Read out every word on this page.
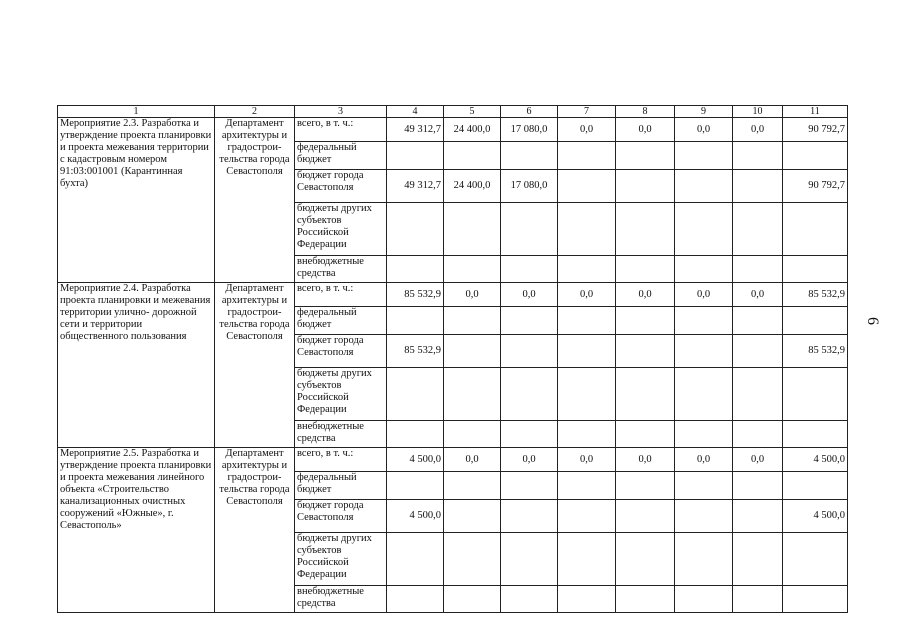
1	2	3	4	5	6	7	8	9	10	11
Мероприятие 2.3. Разработка и утверждение проекта планировки и проекта межевания территории с кадастровым номером 91:03:001001 (Карантинная бухта)	Департамент архитектуры и градострои- тельства города Севастополя	всего, в т. ч.:	49 312,7	24 400,0	17 080,0	0,0	0,0	0,0	0,0	90 792,7
		федеральный бюджет								
		бюджет города Севастополя	49 312,7	24 400,0	17 080,0					90 792,7
		бюджеты других субъектов Российской Федерации								
		внебюджетные средства								
Мероприятие 2.4. Разработка проекта планировки и межевания территории улично- дорожной сети и территории общественного пользования	Департамент архитектуры и градострои- тельства города Севастополя	всего, в т. ч.:	85 532,9	0,0	0,0	0,0	0,0	0,0	0,0	85 532,9
		федеральный бюджет								
		бюджет города Севастополя	85 532,9							85 532,9
		бюджеты других субъектов Российской Федерации								
		внебюджетные средства								
Мероприятие 2.5. Разработка и утверждение проекта планировки и проекта межевания линейного объекта «Строительство канализационных очистных сооружений «Южные», г. Севастополь»	Департамент архитектуры и градострои- тельства города Севастополя	всего, в т. ч.:	4 500,0	0,0	0,0	0,0	0,0	0,0	0,0	4 500,0
		федеральный бюджет								
		бюджет города Севастополя	4 500,0							4 500,0
		бюджеты других субъектов Российской Федерации								
		внебюджетные средства								
6
